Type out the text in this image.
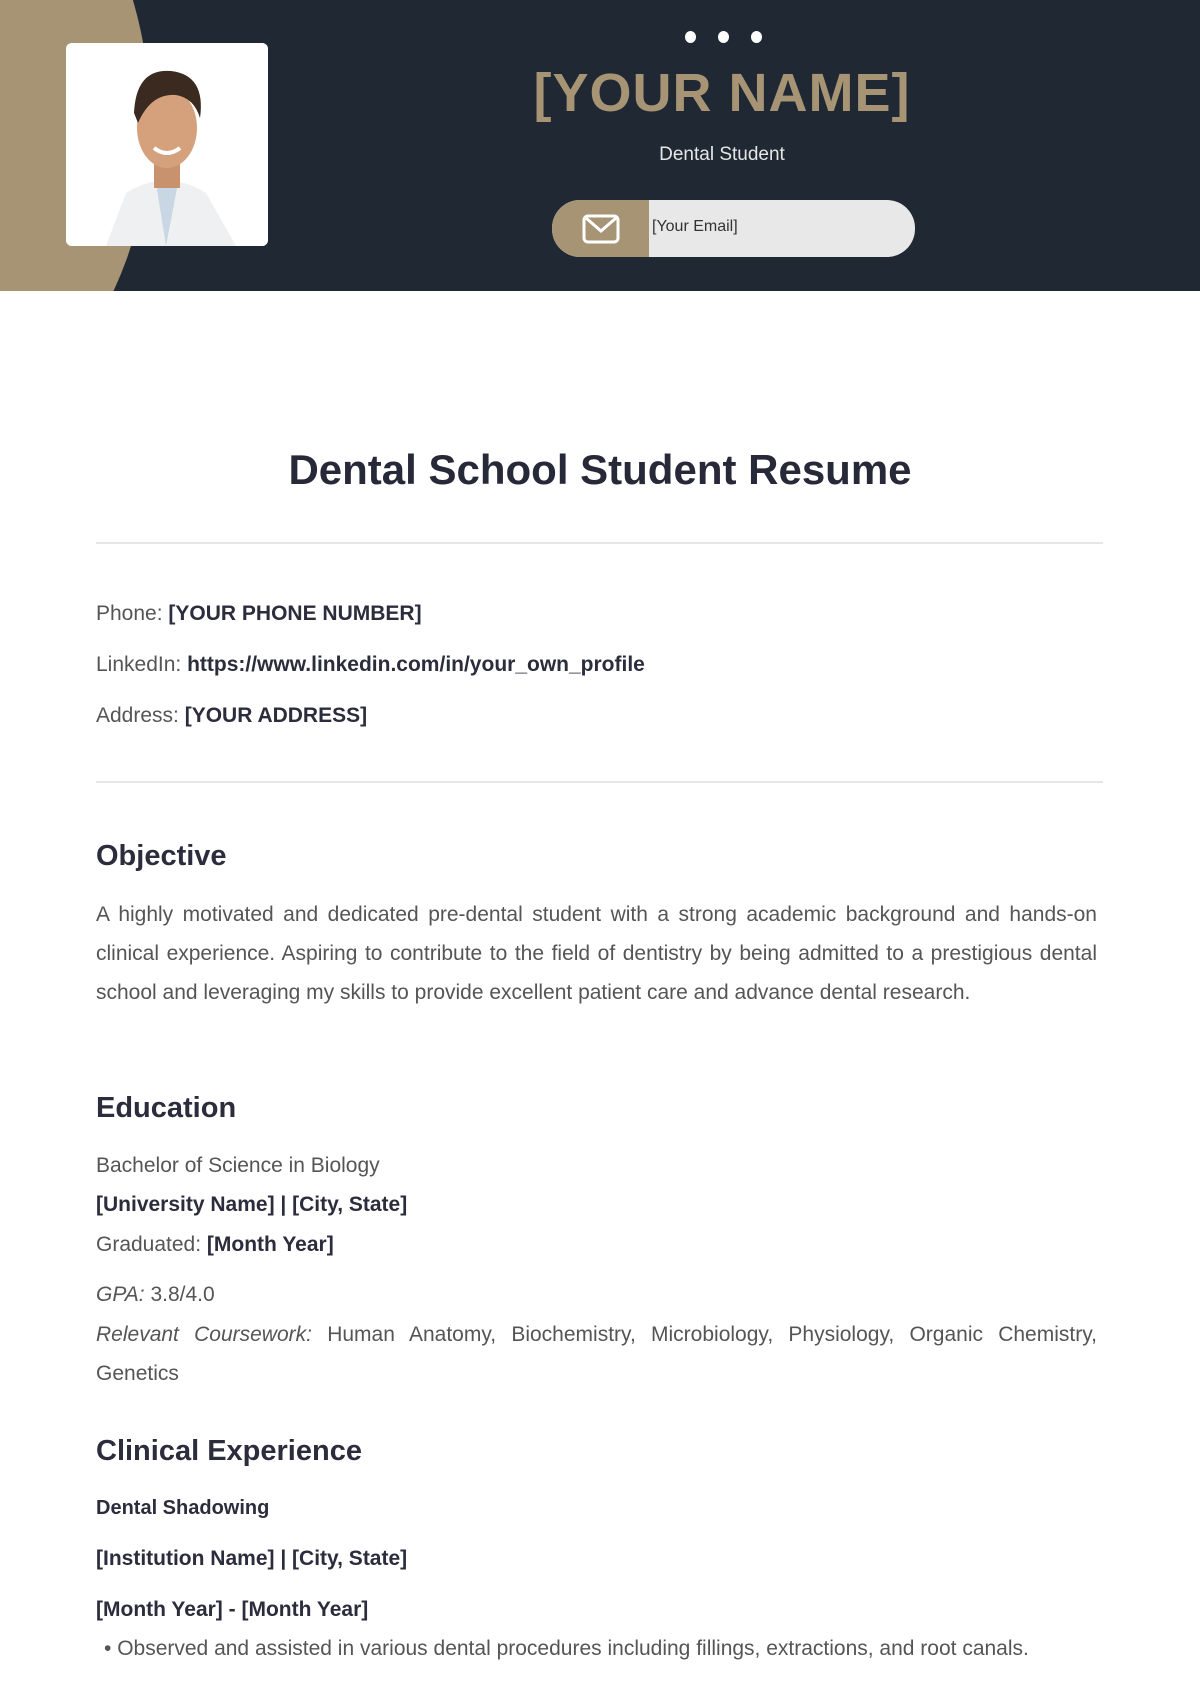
[YOUR NAME]
Dental Student
[Your Email]
Dental School Student Resume
Phone: [YOUR PHONE NUMBER]
LinkedIn: https://www.linkedin.com/in/your_own_profile
Address: [YOUR ADDRESS]
Objective
A highly motivated and dedicated pre-dental student with a strong academic background and hands-on clinical experience. Aspiring to contribute to the field of dentistry by being admitted to a prestigious dental school and leveraging my skills to provide excellent patient care and advance dental research.
Education
Bachelor of Science in Biology
[University Name] | [City, State]
Graduated: [Month Year]
GPA: 3.8/4.0
Relevant Coursework: Human Anatomy, Biochemistry, Microbiology, Physiology, Organic Chemistry, Genetics
Clinical Experience
Dental Shadowing
[Institution Name] | [City, State]
[Month Year] - [Month Year]
• Observed and assisted in various dental procedures including fillings, extractions, and root canals.
